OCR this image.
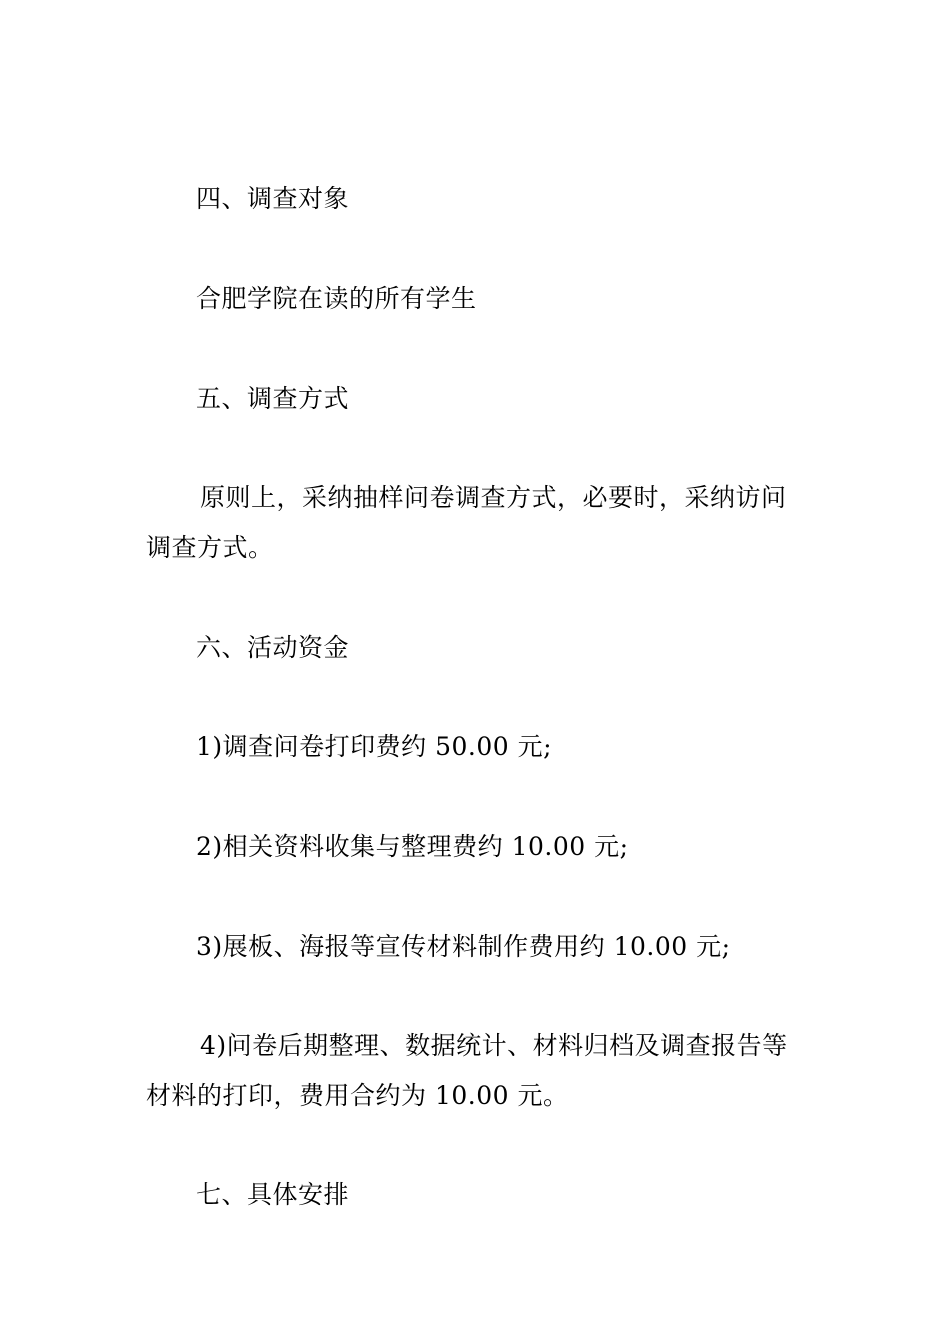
四、调查对象
合肥学院在读的所有学生
五、调查方式
原则上，采纳抽样问卷调查方式，必要时，采纳访问
调查方式。
六、活动资金
1)调查问卷打印费约 50.00 元;
2)相关资料收集与整理费约 10.00 元;
3)展板、海报等宣传材料制作费用约 10.00 元;
4)问卷后期整理、数据统计、材料归档及调查报告等
材料的打印，费用合约为 10.00 元。
七、具体安排
